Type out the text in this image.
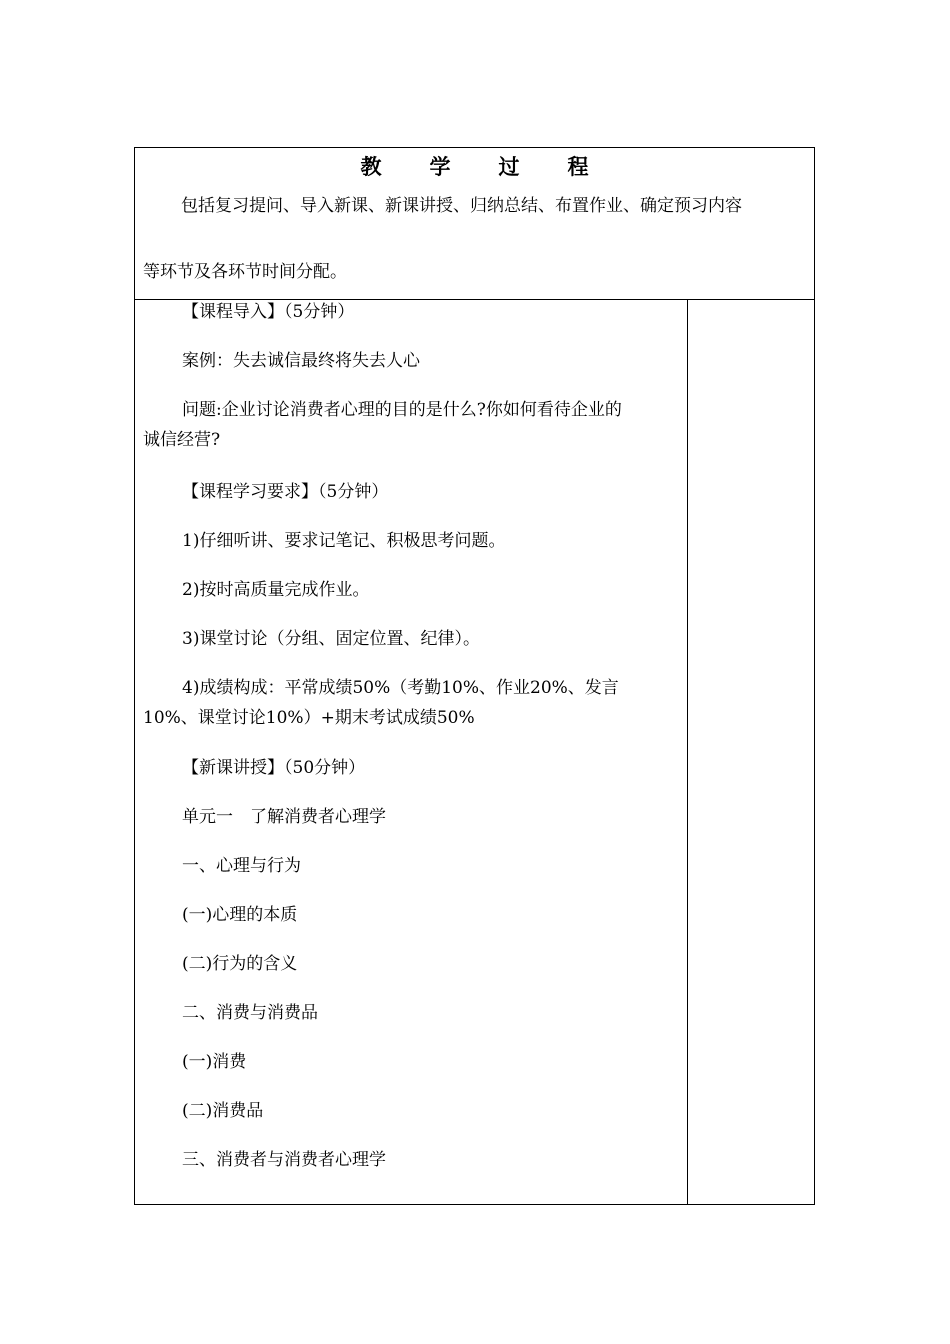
教学过程

包括复习提问、导入新课、新课讲授、归纳总结、布置作业、确定预习内容

等环节及各环节时间分配。

【课程导入】（5分钟）

案例：失去诚信最终将失去人心

问题:企业讨论消费者心理的目的是什么?你如何看待企业的

诚信经营?

【课程学习要求】（5分钟）

1)仔细听讲、要求记笔记、积极思考问题。

2)按时高质量完成作业。

3)课堂讨论（分组、固定位置、纪律）。

4)成绩构成：平常成绩50%（考勤10%、作业20%、发言

10%、课堂讨论10%）+期末考试成绩50%

【新课讲授】（50分钟）

单元一　了解消费者心理学

一、心理与行为

(一)心理的本质

(二)行为的含义

二、消费与消费品

(一)消费

(二)消费品

三、消费者与消费者心理学
